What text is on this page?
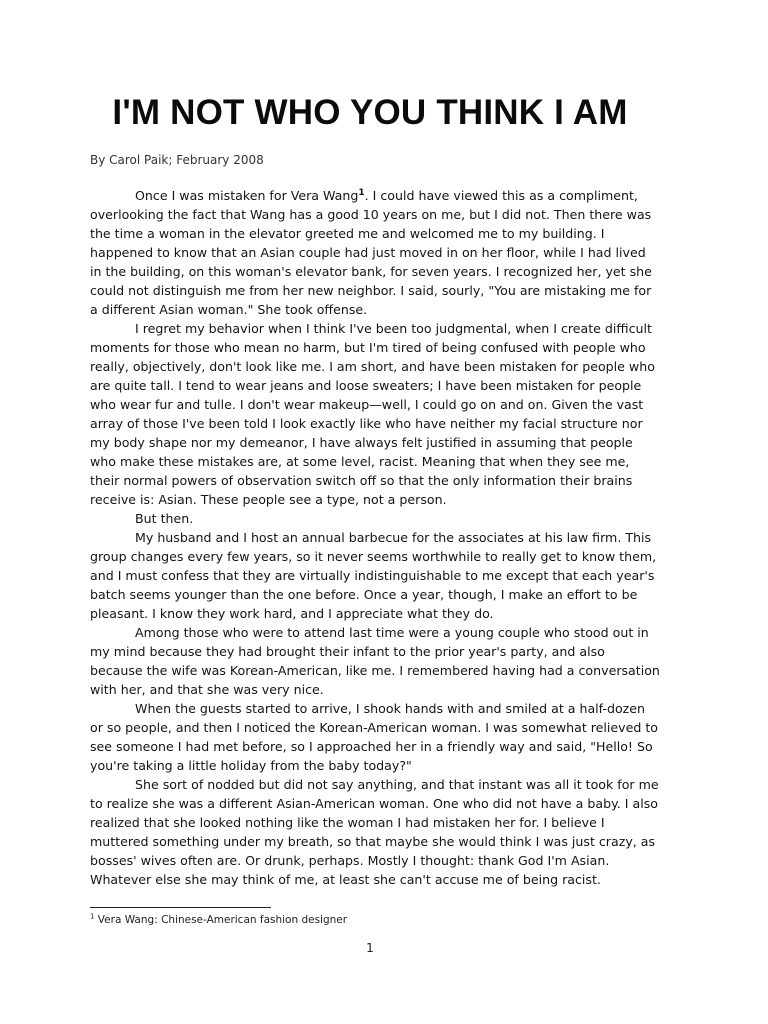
I'M NOT WHO YOU THINK I AM

By Carol Paik; February 2008

Once I was mistaken for Vera Wang$^1$. I could have viewed this as a compliment, overlooking the fact that Wang has a good 10 years on me, but I did not. Then there was the time a woman in the elevator greeted me and welcomed me to my building. I happened to know that an Asian couple had just moved in on her floor, while I had lived in the building, on this woman's elevator bank, for seven years. I recognized her, yet she could not distinguish me from her new neighbor. I said, sourly, "You are mistaking me for a different Asian woman." She took offense.

I regret my behavior when I think I've been too judgmental, when I create difficult moments for those who mean no harm, but I'm tired of being confused with people who really, objectively, don't look like me. I am short, and have been mistaken for people who are quite tall. I tend to wear jeans and loose sweaters; I have been mistaken for people who wear fur and tulle. I don't wear makeup—well, I could go on and on. Given the vast array of those I've been told I look exactly like who have neither my facial structure nor my body shape nor my demeanor, I have always felt justified in assuming that people who make these mistakes are, at some level, racist. Meaning that when they see me, their normal powers of observation switch off so that the only information their brains receive is: Asian. These people see a type, not a person.

But then.

My husband and I host an annual barbecue for the associates at his law firm. This group changes every few years, so it never seems worthwhile to really get to know them, and I must confess that they are virtually indistinguishable to me except that each year's batch seems younger than the one before. Once a year, though, I make an effort to be pleasant. I know they work hard, and I appreciate what they do.

Among those who were to attend last time were a young couple who stood out in my mind because they had brought their infant to the prior year's party, and also because the wife was Korean-American, like me. I remembered having had a conversation with her, and that she was very nice.

When the guests started to arrive, I shook hands with and smiled at a half-dozen or so people, and then I noticed the Korean-American woman. I was somewhat relieved to see someone I had met before, so I approached her in a friendly way and said, "Hello! So you're taking a little holiday from the baby today?"

She sort of nodded but did not say anything, and that instant was all it took for me to realize she was a different Asian-American woman. One who did not have a baby. I also realized that she looked nothing like the woman I had mistaken her for. I believe I muttered something under my breath, so that maybe she would think I was just crazy, as bosses' wives often are. Or drunk, perhaps. Mostly I thought: thank God I'm Asian. Whatever else she may think of me, at least she can't accuse me of being racist.

$^1$ Vera Wang: Chinese-American fashion designer
1
